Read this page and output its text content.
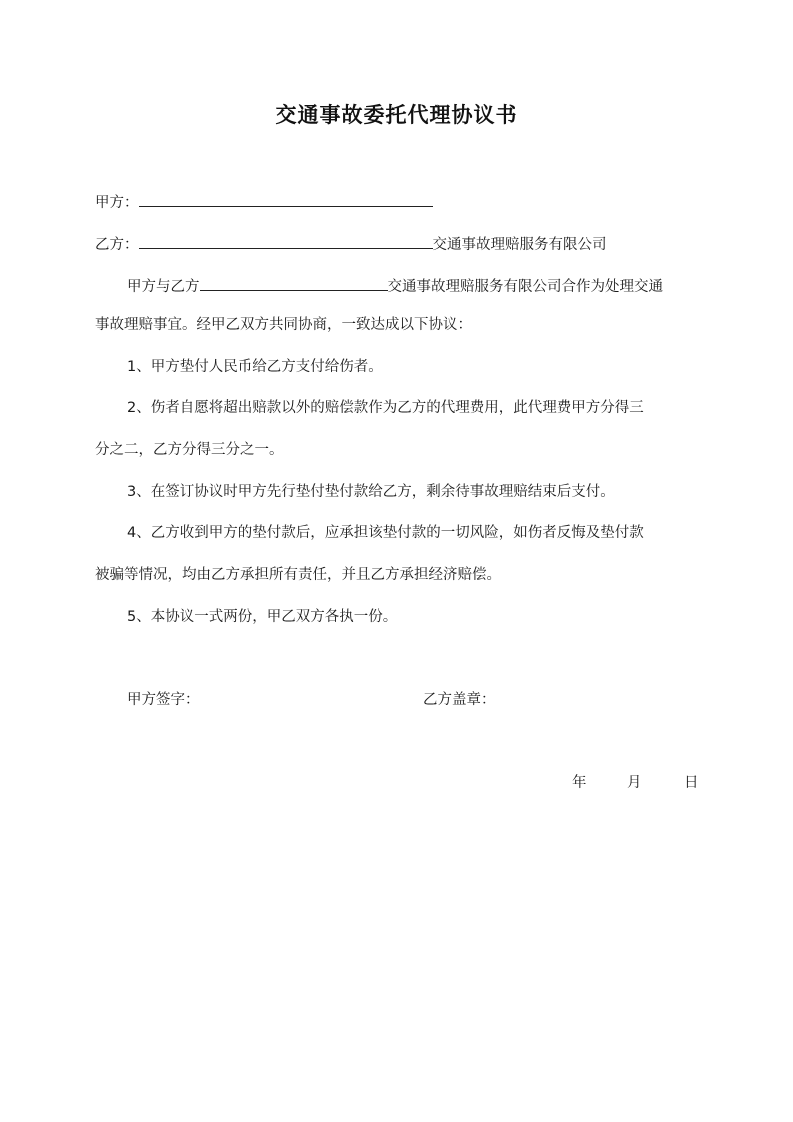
交通事故委托代理协议书
甲方：
乙方：	交通事故理赔服务有限公司
甲方与乙方	交通事故理赔服务有限公司合作为处理交通
事故理赔事宜。经甲乙双方共同协商，一致达成以下协议：
1、甲方垫付人民币给乙方支付给伤者。
2、伤者自愿将超出赔款以外的赔偿款作为乙方的代理费用，此代理费甲方分得三
分之二，乙方分得三分之一。
3、在签订协议时甲方先行垫付垫付款给乙方，剩余待事故理赔结束后支付。
4、乙方收到甲方的垫付款后，应承担该垫付款的一切风险，如伤者反悔及垫付款
被骗等情况，均由乙方承担所有责任，并且乙方承担经济赔偿。
5、本协议一式两份，甲乙双方各执一份。
甲方签字：	乙方盖章：
年	月	日
